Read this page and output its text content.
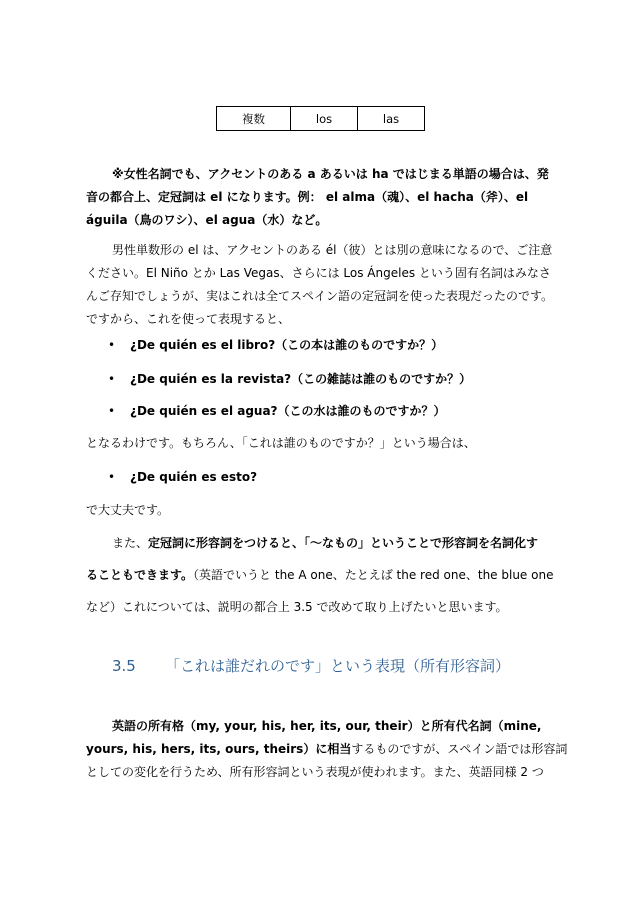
複数	los	las
※女性名詞でも、アクセントのある a あるいは ha ではじまる単語の場合は、発
音の都合上、定冠詞は el になります。例： el alma（魂）、el hacha（斧）、el
águila（鳥のワシ）、el agua（水）など。
男性単数形の el は、アクセントのある él（彼）とは別の意味になるので、ご注意
ください。El Niño とか Las Vegas、さらには Los Ángeles という固有名詞はみなさ
んご存知でしょうが、実はこれは全てスペイン語の定冠詞を使った表現だったのです。
ですから、これを使って表現すると、
• ¿De quién es el libro?（この本は誰のものですか？）
• ¿De quién es la revista?（この雑誌は誰のものですか？）
• ¿De quién es el agua?（この水は誰のものですか？）
となるわけです。もちろん、「これは誰のものですか？」という場合は、
• ¿De quién es esto?
で大丈夫です。
また、定冠詞に形容詞をつけると、「～なもの」ということで形容詞を名詞化す
ることもできます。（英語でいうと the A one、たとえば the red one、the blue one
3.5 「これは誰だれのです」という表現（所有形容詞）
英語の所有格（my, your, his, her, its, our, their）と所有代名詞（mine,
yours, his, hers, its, ours, theirs）に相当するものですが、スペイン語では形容詞
としての変化を行うため、所有形容詞という表現が使われます。また、英語同様 2 つ
など）これについては、説明の都合上 3.5 で改めて取り上げたいと思います。
